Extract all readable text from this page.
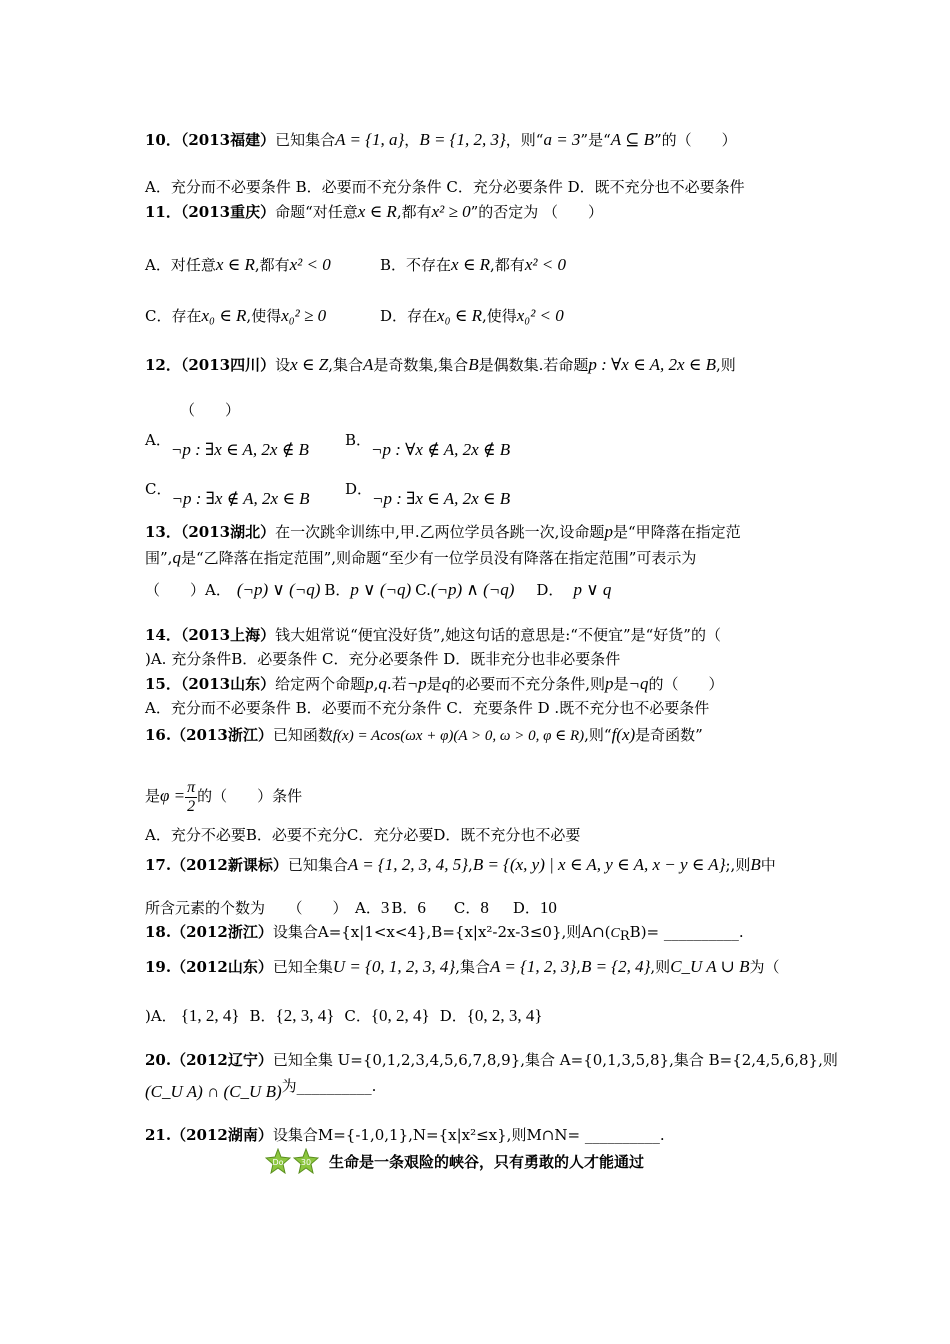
10．（2013福建）已知集合A = {1, a}，B = {1, 2, 3}，则“a = 3”是“A ⊆ B”的（　　）
A．充分而不必要条件 B．必要而不充分条件 C．充分必要条件 D．既不充分也不必要条件
11．（2013重庆）命题“对任意x ∈ R,都有x² ≥ 0”的否定为 （　　）
A．对任意x ∈ R,都有x² < 0	B．不存在x ∈ R,都有x² < 0
C．存在x₀ ∈ R,使得x₀² ≥ 0	D．存在x₀ ∈ R,使得x₀² < 0
12．（2013四川）设x ∈ Z,集合A是奇数集,集合B是偶数集.若命题p : ∀x ∈ A, 2x ∈ B,则
（　　）
A．¬p : ∃x ∈ A, 2x ∉ B B．¬p : ∀x ∉ A, 2x ∉ B
C．¬p : ∃x ∉ A, 2x ∈ B D．¬p : ∃x ∈ A, 2x ∈ B
13．（2013湖北）在一次跳伞训练中,甲.乙两位学员各跳一次,设命题p是“甲降落在指定范
围”,q是“乙降落在指定范围”,则命题“至少有一位学员没有降落在指定范围”可表示为
（　　）A． (¬p) ∨ (¬q) B．p ∨ (¬q) C.(¬p) ∧ (¬q) D． p ∨ q
14．（2013上海）钱大姐常说“便宜没好货”,她这句话的意思是:“不便宜”是“好货”的（
)A. 充分条件B．必要条件 C．充分必要条件 D．既非充分也非必要条件
15．（2013山东）给定两个命题p,q.若¬p是q的必要而不充分条件,则p是¬q的（　　）
A．充分而不必要条件 B．必要而不充分条件 C．充要条件 D .既不充分也不必要条件
16.（2013浙江）已知函数f(x) = Acos(ωx + φ)(A > 0, ω > 0, φ ∈ R),则“f(x)是奇函数”
是$\varphi = \frac{\pi}{2}$ 的（　　）条件
A．充分不必要B．必要不充分C．充分必要D．既不充分也不必要
17.（2012新课标）已知集合A = {1, 2, 3, 4, 5},B = {(x, y) | x ∈ A, y ∈ A, x − y ∈ A};,则B中
所含元素的个数为　　（　　）　A．3 B．6 C．8 D．10
18.（2012浙江）设集合A={x|1<x<4},B={x|x²-2x-3≤0},则A∩(CRB)= __________.
19.（2012山东）已知全集U = {0, 1, 2, 3, 4},集合A = {1, 2, 3},B = {2, 4},则C_U A ∪ B为（
)A． {1, 2, 4} B．{2, 3, 4} C．{0, 2, 4} D．{0, 2, 3, 4}
20.（2012辽宁）已知全集 U={0,1,2,3,4,5,6,7,8,9},集合 A={0,1,3,5,8},集合 B={2,4,5,6,8},则
(C_U A) ∩ (C_U B)为__________.
21.（2012湖南）设集合M={-1,0,1},N={x|x²≤x},则M∩N= __________.
Do 30 生命是一条艰险的峡谷，只有勇敢的人才能通过
